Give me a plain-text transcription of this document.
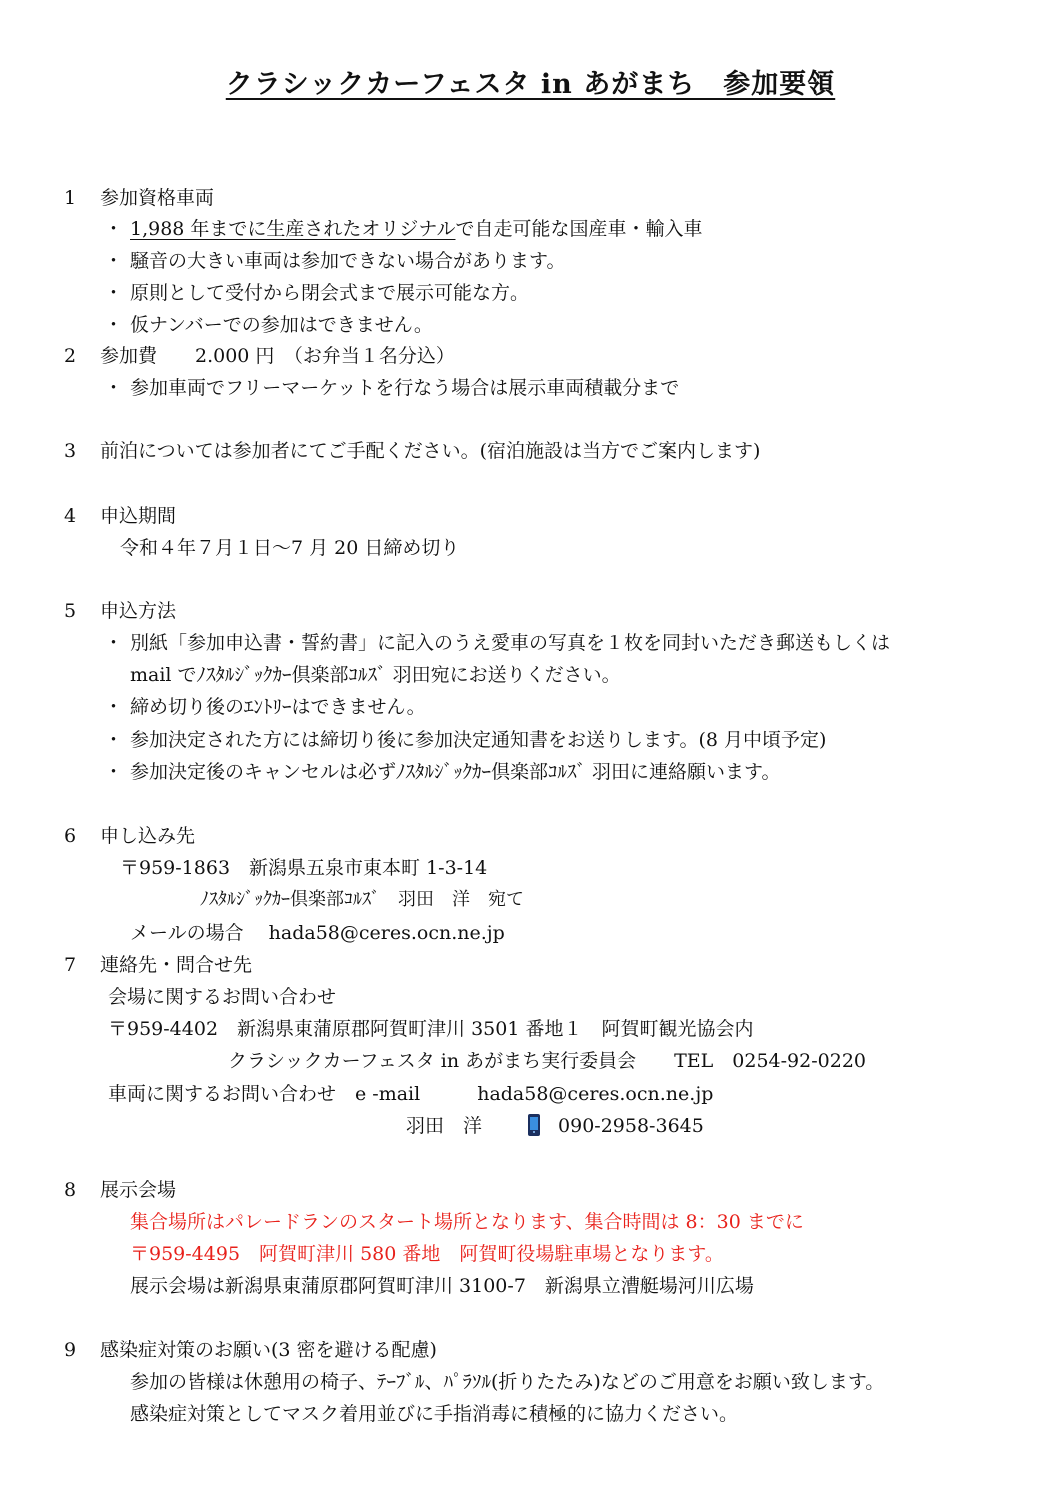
クラシックカーフェスタ in あがまち　参加要領
1 参加資格車両
・ 1,988 年までに生産されたオリジナルで自走可能な国産車・輸入車
・ 騒音の大きい車両は参加できない場合があります。
・ 原則として受付から閉会式まで展示可能な方。
・ 仮ナンバーでの参加はできません。
2 参加費　　2.000 円　（お弁当１名分込）
・ 参加車両でフリーマーケットを行なう場合は展示車両積載分まで
3 前泊については参加者にてご手配ください。(宿泊施設は当方でご案内します)
4 申込期間
令和４年７月１日～7 月 20 日締め切り
5 申込方法
・ 別紙「参加申込書・誓約書」に記入のうえ愛車の写真を１枚を同封いただき郵送もしくは
mail でﾉｽﾀﾙｼﾞｯｸｶｰ倶楽部ｺﾙｽﾞ 羽田宛にお送りください。
・ 締め切り後のｴﾝﾄﾘｰはできません。
・ 参加決定された方には締切り後に参加決定通知書をお送りします。(8 月中頃予定)
・ 参加決定後のキャンセルは必ずﾉｽﾀﾙｼﾞｯｸｶｰ倶楽部ｺﾙｽﾞ 羽田に連絡願います。
6 申し込み先
〒959-1863　新潟県五泉市東本町 1-3-14
ﾉｽﾀﾙｼﾞｯｸｶｰ倶楽部ｺﾙｽﾞ　羽田　洋　宛て
メールの場合　 hada58@ceres.ocn.ne.jp
7 連絡先・問合せ先
会場に関するお問い合わせ
〒959-4402　新潟県東蒲原郡阿賀町津川 3501 番地１　阿賀町観光協会内
クラシックカーフェスタ in あがまち実行委員会　　TEL　0254-92-0220
車両に関するお問い合わせ　e -mail　　　hada58@ceres.ocn.ne.jp
羽田　洋	090-2958-3645
8 展示会場
集合場所はパレードランのスタート場所となります、集合時間は 8：30 までに
〒959-4495　阿賀町津川 580 番地　阿賀町役場駐車場となります。
展示会場は新潟県東蒲原郡阿賀町津川 3100-7　新潟県立漕艇場河川広場
9 感染症対策のお願い(3 密を避ける配慮)
参加の皆様は休憩用の椅子、ﾃｰﾌﾞﾙ、ﾊﾟﾗｿﾙ(折りたたみ)などのご用意をお願い致します。
感染症対策としてマスク着用並びに手指消毒に積極的に協力ください。
